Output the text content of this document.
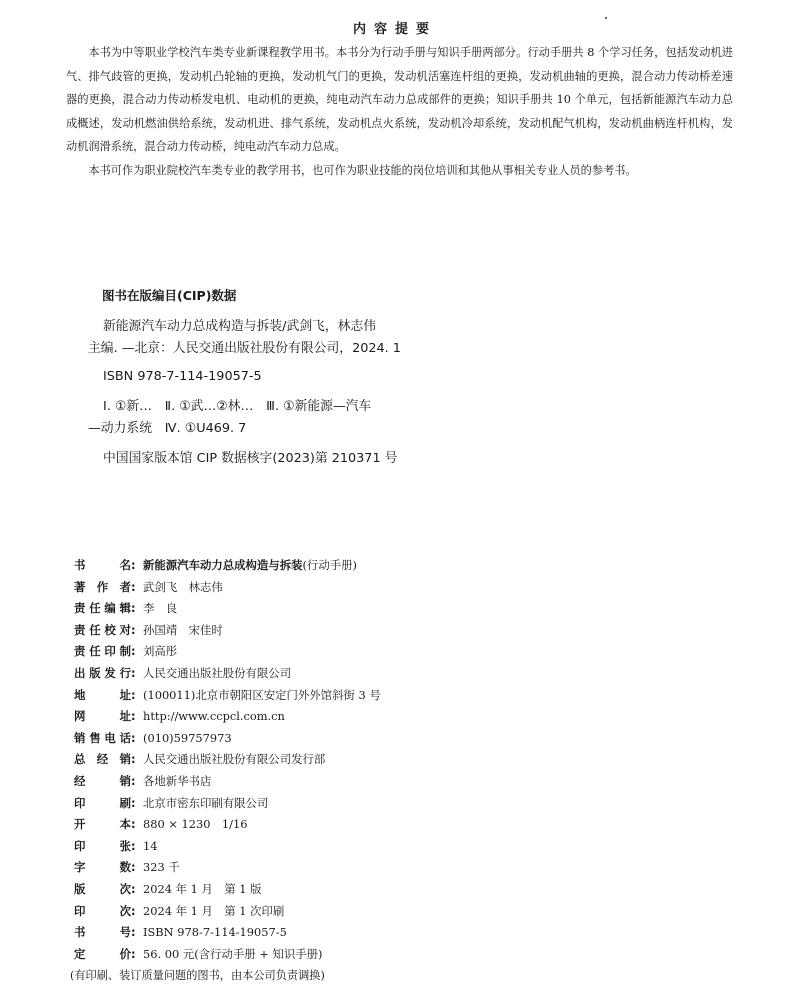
内容提要

本书为中等职业学校汽车类专业新课程教学用书。本书分为行动手册与知识手册两部分。行动手册共 8 个学习任务，包括发动机进气、排气歧管的更换，发动机凸轮轴的更换，发动机气门的更换，发动机活塞连杆组的更换，发动机曲轴的更换，混合动力传动桥差速器的更换，混合动力传动桥发电机、电动机的更换，纯电动汽车动力总成部件的更换；知识手册共 10 个单元，包括新能源汽车动力总成概述，发动机燃油供给系统，发动机进、排气系统，发动机点火系统，发动机冷却系统，发动机配气机构，发动机曲柄连杆机构，发动机润滑系统，混合动力传动桥，纯电动汽车动力总成。

本书可作为职业院校汽车类专业的教学用书，也可作为职业技能的岗位培训和其他从事相关专业人员的参考书。

图书在版编目(CIP)数据
新能源汽车动力总成构造与拆装/武剑飞，林志伟
主编. —北京：人民交通出版社股份有限公司，2024. 1
ISBN 978-7-114-19057-5
Ⅰ. ①新…　Ⅱ. ①武…②林…　Ⅲ. ①新能源—汽车
—动力系统　Ⅳ. ①U469. 7
中国国家版本馆 CIP 数据核字(2023)第 210371 号
书　名 : 新能源汽车动力总成构造与拆装 (行动手册)
著 作 者 : 武剑飞　林志伟
责任编辑 : 李　良
责任校对 : 孙国靖　宋佳时
责任印制 : 刘高彤
出版发行 : 人民交通出版社股份有限公司
地　址 : (100011)北京市朝阳区安定门外外馆斜街 3 号
网　址 : http://www.ccpcl.com.cn
销售电话 : (010)59757973
总 经 销 : 人民交通出版社股份有限公司发行部
经　销 : 各地新华书店
印　刷 : 北京市密东印刷有限公司
开　本 : 880 × 1230　1/16
印　张 : 14
字　数 : 323 千
版　次 : 2024 年 1 月　第 1 版
印　次 : 2024 年 1 月　第 1 次印刷
书　号 : ISBN 978-7-114-19057-5
定　价 : 56. 00 元(含行动手册 + 知识手册)
(有印刷、装订质量问题的图书，由本公司负责调换)
